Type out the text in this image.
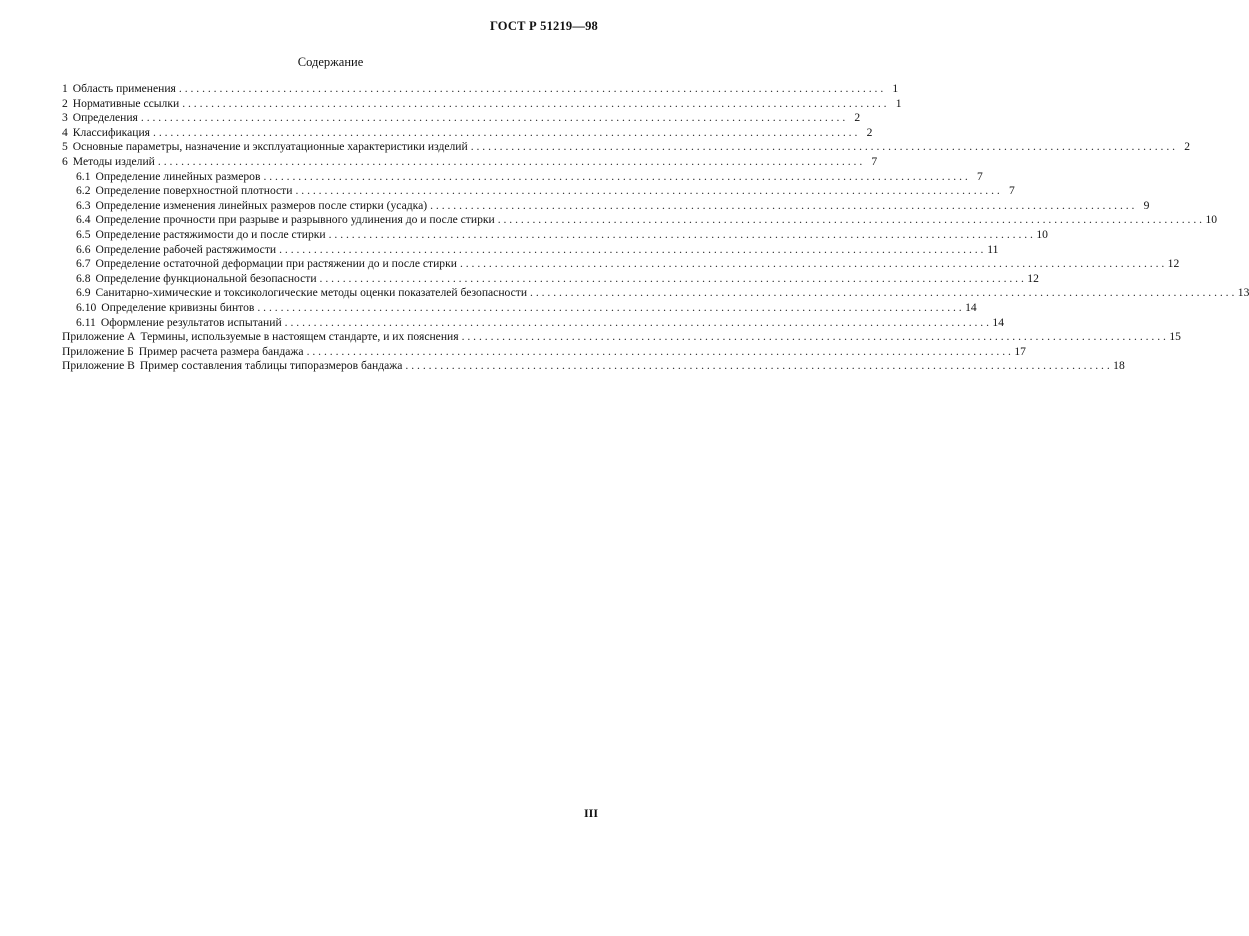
ГОСТ Р 51219—98
Содержание
1 Область применения . . .	1
2 Нормативные ссылки . . .	1
3 Определения . . .	2
4 Классификация . . .	2
5 Основные параметры, назначение и эксплуатационные характеристики изделий . . .	2
6 Методы изделий . . .	7
6.1 Определение линейных размеров . . .	7
6.2 Определение поверхностной плотности . . .	7
6.3 Определение изменения линейных размеров после стирки (усадка) . . .	9
6.4 Определение прочности при разрыве и разрывного удлинения до и после стирки . . .	10
6.5 Определение растяжимости до и после стирки . . .	10
6.6 Определение рабочей растяжимости . . .	11
6.7 Определение остаточной деформации при растяжении до и после стирки . . .	12
6.8 Определение функциональной безопасности . . .	12
6.9 Санитарно-химические и токсикологические методы оценки показателей безопасности . . .	13
6.10 Определение кривизны бинтов . . .	14
6.11 Оформление результатов испытаний . . .	14
Приложение А Термины, используемые в настоящем стандарте, и их пояснения . . .	15
Приложение Б Пример расчета размера бандажа . . .	17
Приложение В Пример составления таблицы типоразмеров бандажа . . .	18
III
